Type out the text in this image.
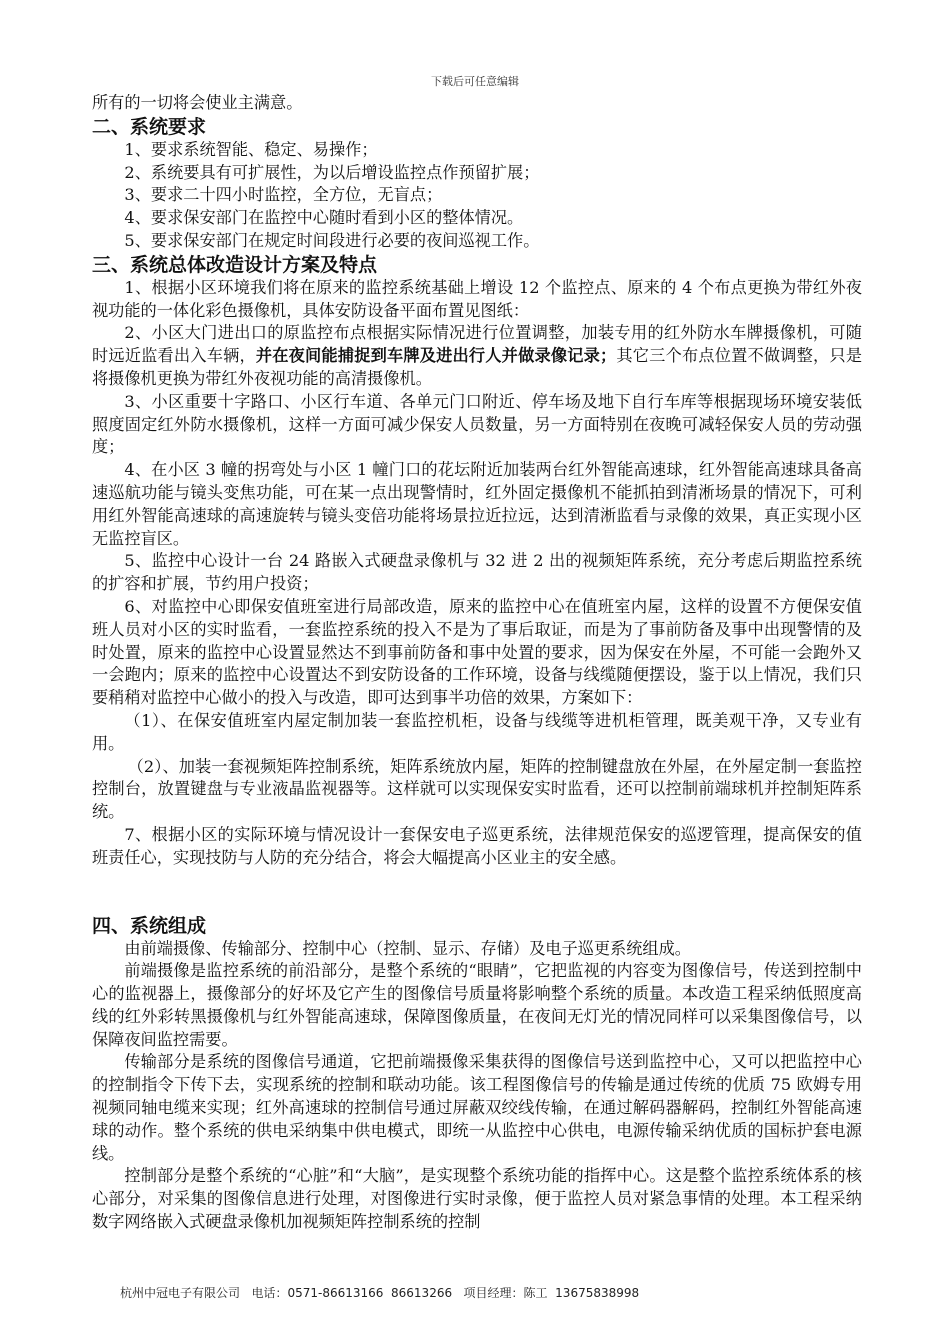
下载后可任意编辑

所有的一切将会使业主满意。

二、系统要求

1、要求系统智能、稳定、易操作；

2、系统要具有可扩展性，为以后增设监控点作预留扩展；

3、要求二十四小时监控，全方位，无盲点；

4、要求保安部门在监控中心随时看到小区的整体情况。

5、要求保安部门在规定时间段进行必要的夜间巡视工作。

三、系统总体改造设计方案及特点

1、根据小区环境我们将在原来的监控系统基础上增设 12 个监控点、原来的 4 个布点更换为带红外夜视功能的一体化彩色摄像机，具体安防设备平面布置见图纸：

2、小区大门进出口的原监控布点根据实际情况进行位置调整，加装专用的红外防水车牌摄像机，可随时远近监看出入车辆，并在夜间能捕捉到车牌及进出行人并做录像记录；其它三个布点位置不做调整，只是将摄像机更换为带红外夜视功能的高清摄像机。

3、小区重要十字路口、小区行车道、各单元门口附近、停车场及地下自行车库等根据现场环境安装低照度固定红外防水摄像机，这样一方面可减少保安人员数量，另一方面特别在夜晚可减轻保安人员的劳动强度；

4、在小区 3 幢的拐弯处与小区 1 幢门口的花坛附近加装两台红外智能高速球，红外智能高速球具备高速巡航功能与镜头变焦功能，可在某一点出现警情时，红外固定摄像机不能抓拍到清淅场景的情况下，可利用红外智能高速球的高速旋转与镜头变倍功能将场景拉近拉远，达到清淅监看与录像的效果，真正实现小区无监控盲区。

5、监控中心设计一台 24 路嵌入式硬盘录像机与 32 进 2 出的视频矩阵系统，充分考虑后期监控系统的扩容和扩展，节约用户投资；

6、对监控中心即保安值班室进行局部改造，原来的监控中心在值班室内屋，这样的设置不方便保安值班人员对小区的实时监看，一套监控系统的投入不是为了事后取证，而是为了事前防备及事中出现警情的及时处置，原来的监控中心设置显然达不到事前防备和事中处置的要求，因为保安在外屋，不可能一会跑外又一会跑内；原来的监控中心设置达不到安防设备的工作环境，设备与线缆随便摆设，鉴于以上情况，我们只要稍稍对监控中心做小的投入与改造，即可达到事半功倍的效果，方案如下：

（1）、在保安值班室内屋定制加装一套监控机柜，设备与线缆等进机柜管理，既美观干净，又专业有用。

（2）、加装一套视频矩阵控制系统，矩阵系统放内屋，矩阵的控制键盘放在外屋，在外屋定制一套监控控制台，放置键盘与专业液晶监视器等。这样就可以实现保安实时监看，还可以控制前端球机并控制矩阵系统。

7、根据小区的实际环境与情况设计一套保安电子巡更系统，法律规范保安的巡逻管理，提高保安的值班责任心，实现技防与人防的充分结合，将会大幅提高小区业主的安全感。

四、系统组成

由前端摄像、传输部分、控制中心（控制、显示、存储）及电子巡更系统组成。

前端摄像是监控系统的前沿部分，是整个系统的“眼睛”，它把监视的内容变为图像信号，传送到控制中心的监视器上，摄像部分的好坏及它产生的图像信号质量将影响整个系统的质量。本改造工程采纳低照度高线的红外彩转黑摄像机与红外智能高速球，保障图像质量，在夜间无灯光的情况同样可以采集图像信号，以保障夜间监控需要。

传输部分是系统的图像信号通道，它把前端摄像采集获得的图像信号送到监控中心，又可以把监控中心的控制指令下传下去，实现系统的控制和联动功能。该工程图像信号的传输是通过传统的优质 75 欧姆专用视频同轴电缆来实现；红外高速球的控制信号通过屏蔽双绞线传输，在通过解码器解码，控制红外智能高速球的动作。整个系统的供电采纳集中供电模式，即统一从监控中心供电，电源传输采纳优质的国标护套电源线。

控制部分是整个系统的“心脏”和“大脑”，是实现整个系统功能的指挥中心。这是整个监控系统体系的核心部分，对采集的图像信息进行处理，对图像进行实时录像，便于监控人员对紧急事情的处理。本工程采纳数字网络嵌入式硬盘录像机加视频矩阵控制系统的控制

杭州中冠电子有限公司   电话：0571-86613166  86613266   项目经理：陈工  13675838998
